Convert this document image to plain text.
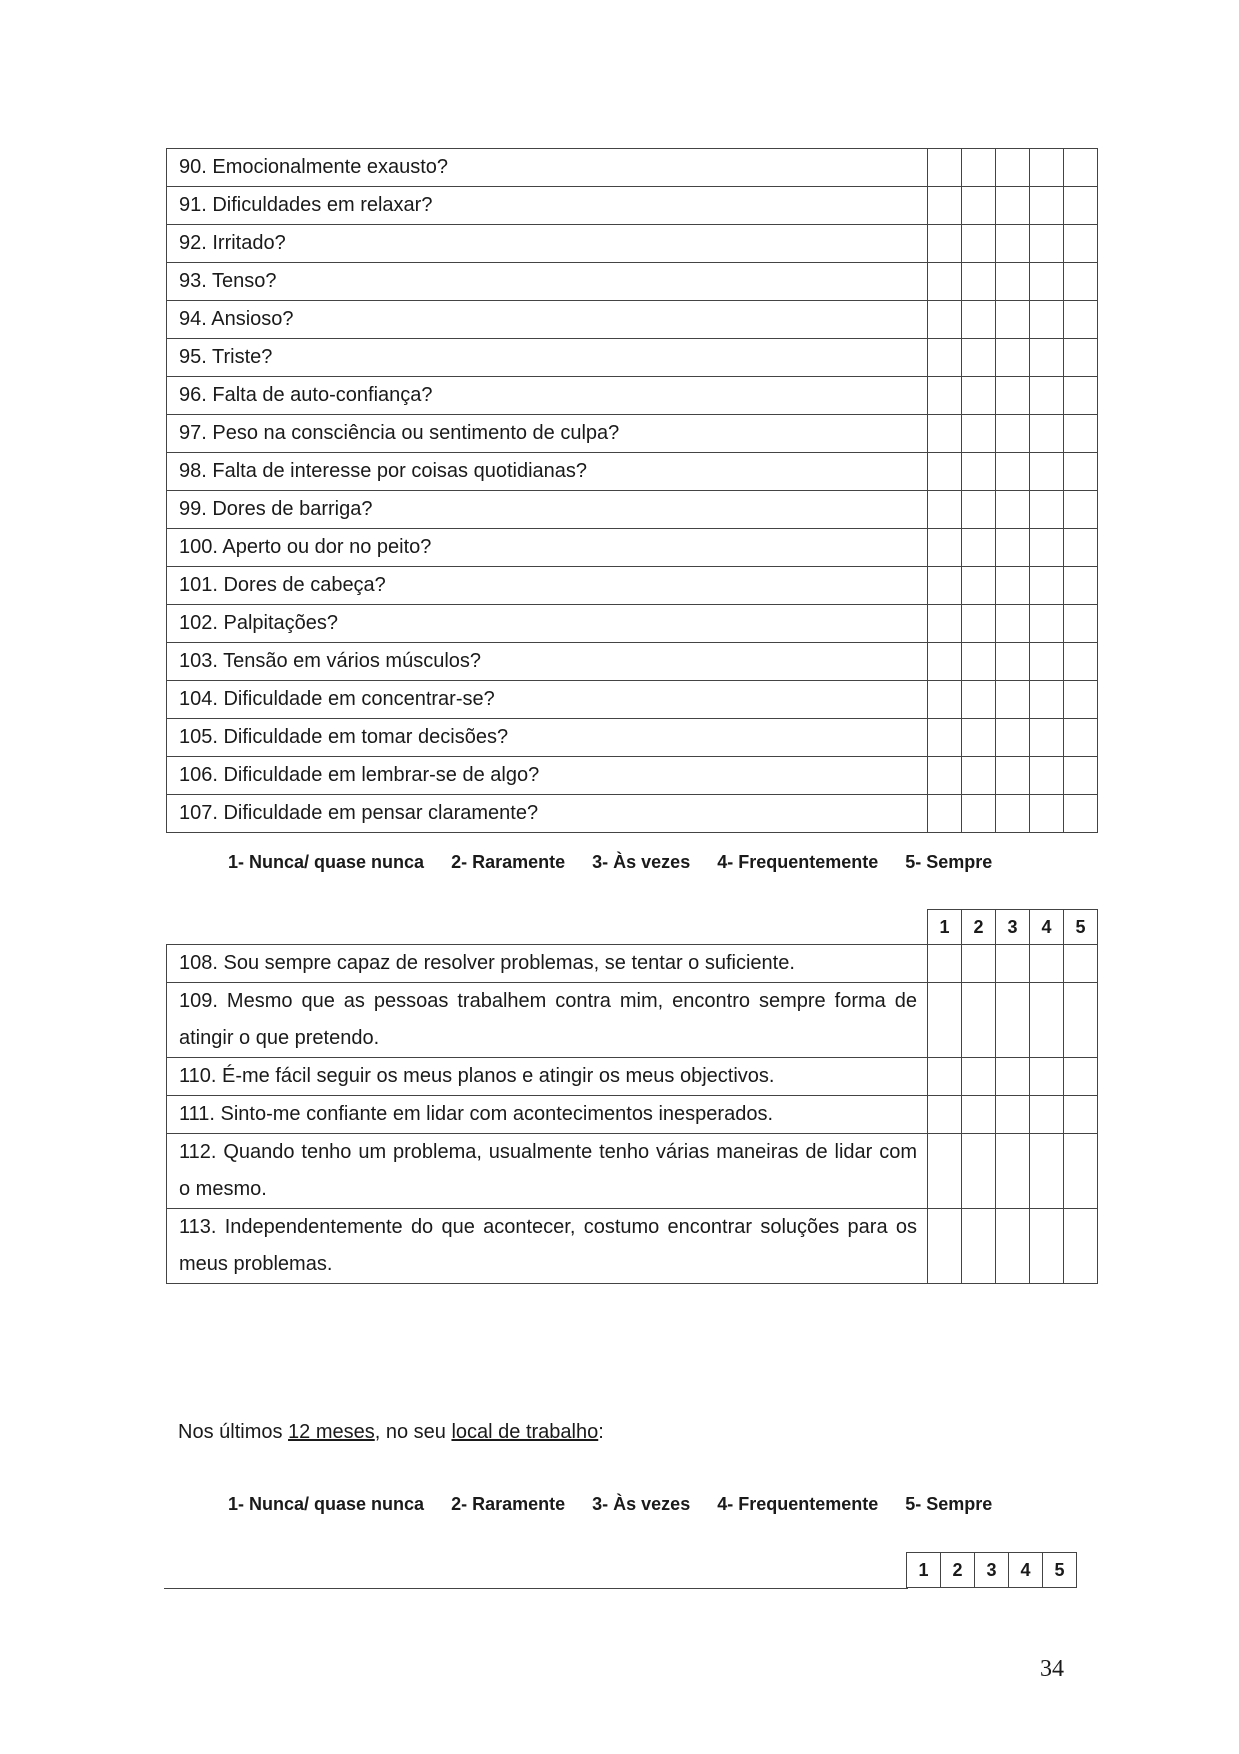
90. Emocionalmente exausto?					
91. Dificuldades em relaxar?					
92. Irritado?					
93. Tenso?					
94. Ansioso?					
95. Triste?					
96. Falta de auto-confiança?					
97. Peso na consciência ou sentimento de culpa?					
98. Falta de interesse por coisas quotidianas?					
99. Dores de barriga?					
100. Aperto ou dor no peito?					
101. Dores de cabeça?					
102. Palpitações?					
103. Tensão em vários músculos?					
104. Dificuldade em concentrar-se?					
105. Dificuldade em tomar decisões?					
106. Dificuldade em lembrar-se de algo?					
107. Dificuldade em pensar claramente?					
1- Nunca/ quase nunca 2- Raramente 3- Às vezes 4- Frequentemente 5- Sempre
	1	2	3	4	5
108. Sou sempre capaz de resolver problemas, se tentar o suficiente.					
109. Mesmo que as pessoas trabalhem contra mim, encontro sempre forma de atingir o que pretendo.					
110. É-me fácil seguir os meus planos e atingir os meus objectivos.					
111. Sinto-me confiante em lidar com acontecimentos inesperados.					
112. Quando tenho um problema, usualmente tenho várias maneiras de lidar com o mesmo.					
113. Independentemente do que acontecer, costumo encontrar soluções para os meus problemas.					
Nos últimos 12 meses, no seu local de trabalho:
1- Nunca/ quase nunca 2- Raramente 3- Às vezes 4- Frequentemente 5- Sempre
1	2	3	4	5
34
